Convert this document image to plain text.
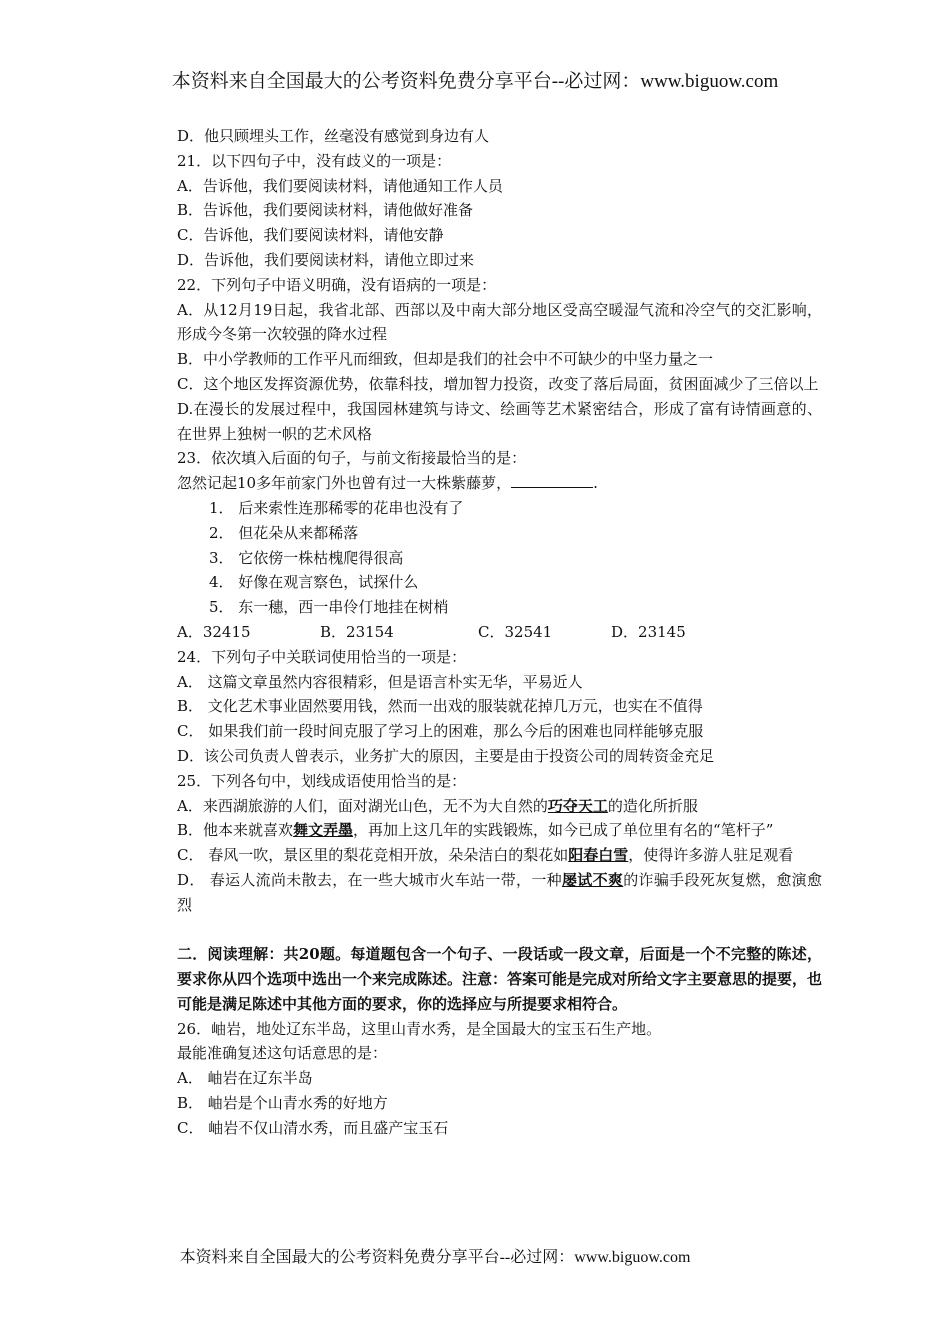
本资料来自全国最大的公考资料免费分享平台--必过网：www.biguow.com
D．他只顾埋头工作，丝毫没有感觉到身边有人
21．以下四句子中，没有歧义的一项是：
A．告诉他，我们要阅读材料，请他通知工作人员
B．告诉他，我们要阅读材料，请他做好准备
C．告诉他，我们要阅读材料，请他安静
D．告诉他，我们要阅读材料，请他立即过来
22．下列句子中语义明确，没有语病的一项是：
A．从12月19日起，我省北部、西部以及中南大部分地区受高空暖湿气流和冷空气的交汇影响，形成今冬第一次较强的降水过程
B．中小学教师的工作平凡而细致，但却是我们的社会中不可缺少的中坚力量之一
C．这个地区发挥资源优势，依靠科技，增加智力投资，改变了落后局面，贫困面减少了三倍以上
D.在漫长的发展过程中，我国园林建筑与诗文、绘画等艺术紧密结合，形成了富有诗情画意的、在世界上独树一帜的艺术风格
23．依次填入后面的句子，与前文衔接最恰当的是：
忽然记起10多年前家门外也曾有过一大株紫藤萝，	.
1． 后来索性连那稀零的花串也没有了
2． 但花朵从来都稀落
3． 它依傍一株枯槐爬得很高
4． 好像在观言察色，试探什么
5． 东一穗，西一串伶仃地挂在树梢
A．32415	B．23154	C．32541	D．23145
24．下列句子中关联词使用恰当的一项是：
A． 这篇文章虽然内容很精彩，但是语言朴实无华，平易近人
B． 文化艺术事业固然要用钱，然而一出戏的服装就花掉几万元，也实在不值得
C． 如果我们前一段时间克服了学习上的困难，那么今后的困难也同样能够克服
D．该公司负责人曾表示，业务扩大的原因，主要是由于投资公司的周转资金充足
25．下列各句中，划线成语使用恰当的是：
A．来西湖旅游的人们，面对湖光山色，无不为大自然的巧夺天工的造化所折服
B．他本来就喜欢舞文弄墨，再加上这几年的实践锻炼，如今已成了单位里有名的“笔杆子”
C． 春风一吹，景区里的梨花竞相开放，朵朵洁白的梨花如阳春白雪，使得许多游人驻足观看
D． 春运人流尚未散去，在一些大城市火车站一带，一种屡试不爽的诈骗手段死灰复燃，愈演愈烈
二．阅读理解：共20题。每道题包含一个句子、一段话或一段文章，后面是一个不完整的陈述，要求你从四个选项中选出一个来完成陈述。注意：答案可能是完成对所给文字主要意思的提要，也可能是满足陈述中其他方面的要求，你的选择应与所提要求相符合。
26．岫岩，地处辽东半岛，这里山青水秀，是全国最大的宝玉石生产地。
最能准确复述这句话意思的是：
A． 岫岩在辽东半岛
B． 岫岩是个山青水秀的好地方
C． 岫岩不仅山清水秀，而且盛产宝玉石
本资料来自全国最大的公考资料免费分享平台--必过网：www.biguow.com
